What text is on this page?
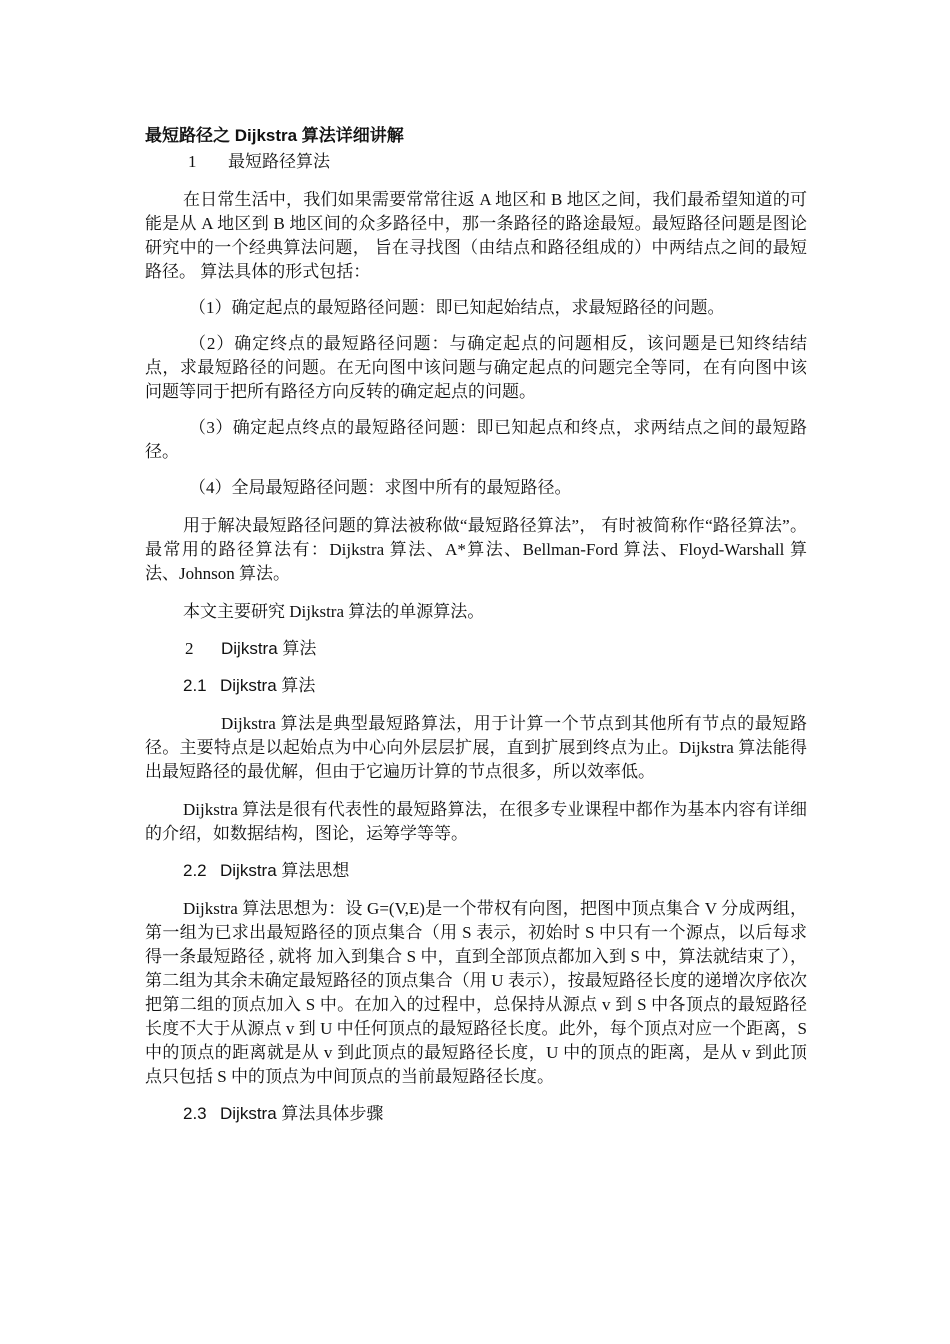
最短路径之 Dijkstra 算法详细讲解

1 最短路径算法

在日常生活中，我们如果需要常常往返 A 地区和 B 地区之间，我们最希望知道的可能是从 A 地区到 B 地区间的众多路径中，那一条路径的路途最短。最短路径问题是图论研究中的一个经典算法问题， 旨在寻找图（由结点和路径组成的）中两结点之间的最短路径。 算法具体的形式包括：

（1）确定起点的最短路径问题：即已知起始结点，求最短路径的问题。

（2）确定终点的最短路径问题：与确定起点的问题相反，该问题是已知终结结点，求最短路径的问题。在无向图中该问题与确定起点的问题完全等同，在有向图中该问题等同于把所有路径方向反转的确定起点的问题。

（3）确定起点终点的最短路径问题：即已知起点和终点，求两结点之间的最短路径。

（4）全局最短路径问题：求图中所有的最短路径。

用于解决最短路径问题的算法被称做“最短路径算法”， 有时被简称作“路径算法”。 最常用的路径算法有：Dijkstra 算法、A*算法、Bellman-Ford 算法、Floyd-Warshall 算法、Johnson 算法。

本文主要研究 Dijkstra 算法的单源算法。

2 Dijkstra 算法

2.1 Dijkstra 算法

Dijkstra 算法是典型最短路算法，用于计算一个节点到其他所有节点的最短路径。主要特点是以起始点为中心向外层层扩展，直到扩展到终点为止。Dijkstra 算法能得出最短路径的最优解，但由于它遍历计算的节点很多，所以效率低。

Dijkstra 算法是很有代表性的最短路算法，在很多专业课程中都作为基本内容有详细的介绍，如数据结构，图论，运筹学等等。

2.2 Dijkstra 算法思想

Dijkstra 算法思想为：设 G=(V,E)是一个带权有向图，把图中顶点集合 V 分成两组，第一组为已求出最短路径的顶点集合（用 S 表示，初始时 S 中只有一个源点，以后每求得一条最短路径 , 就将 加入到集合 S 中，直到全部顶点都加入到 S 中，算法就结束了），第二组为其余未确定最短路径的顶点集合（用 U 表示），按最短路径长度的递增次序依次把第二组的顶点加入 S 中。在加入的过程中，总保持从源点 v 到 S 中各顶点的最短路径长度不大于从源点 v 到 U 中任何顶点的最短路径长度。此外，每个顶点对应一个距离，S 中的顶点的距离就是从 v 到此顶点的最短路径长度，U 中的顶点的距离，是从 v 到此顶点只包括 S 中的顶点为中间顶点的当前最短路径长度。

2.3 Dijkstra 算法具体步骤
